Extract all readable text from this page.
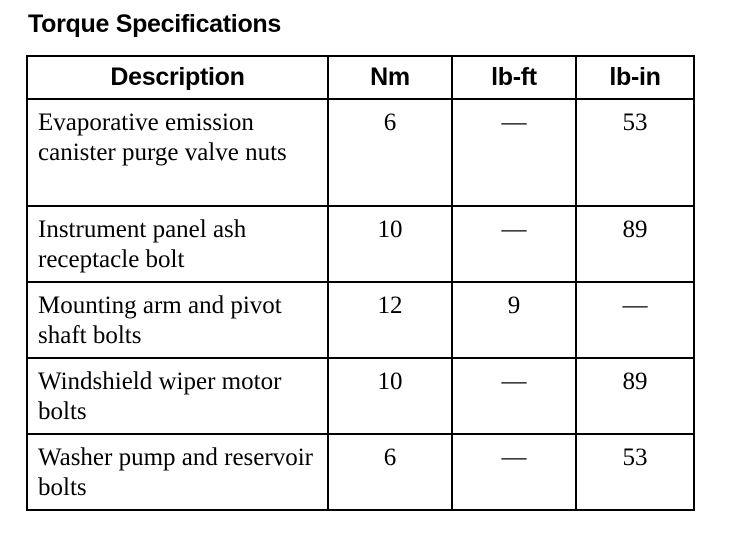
Torque Specifications
Description	Nm	lb-ft	lb-in

Evaporative emission canister purge valve nuts	6	—	53

Instrument panel ash receptacle bolt	10	—	89

Mounting arm and pivot shaft bolts	12	9	—

Windshield wiper motor bolts	10	—	89

Washer pump and reservoir bolts	6	—	53
